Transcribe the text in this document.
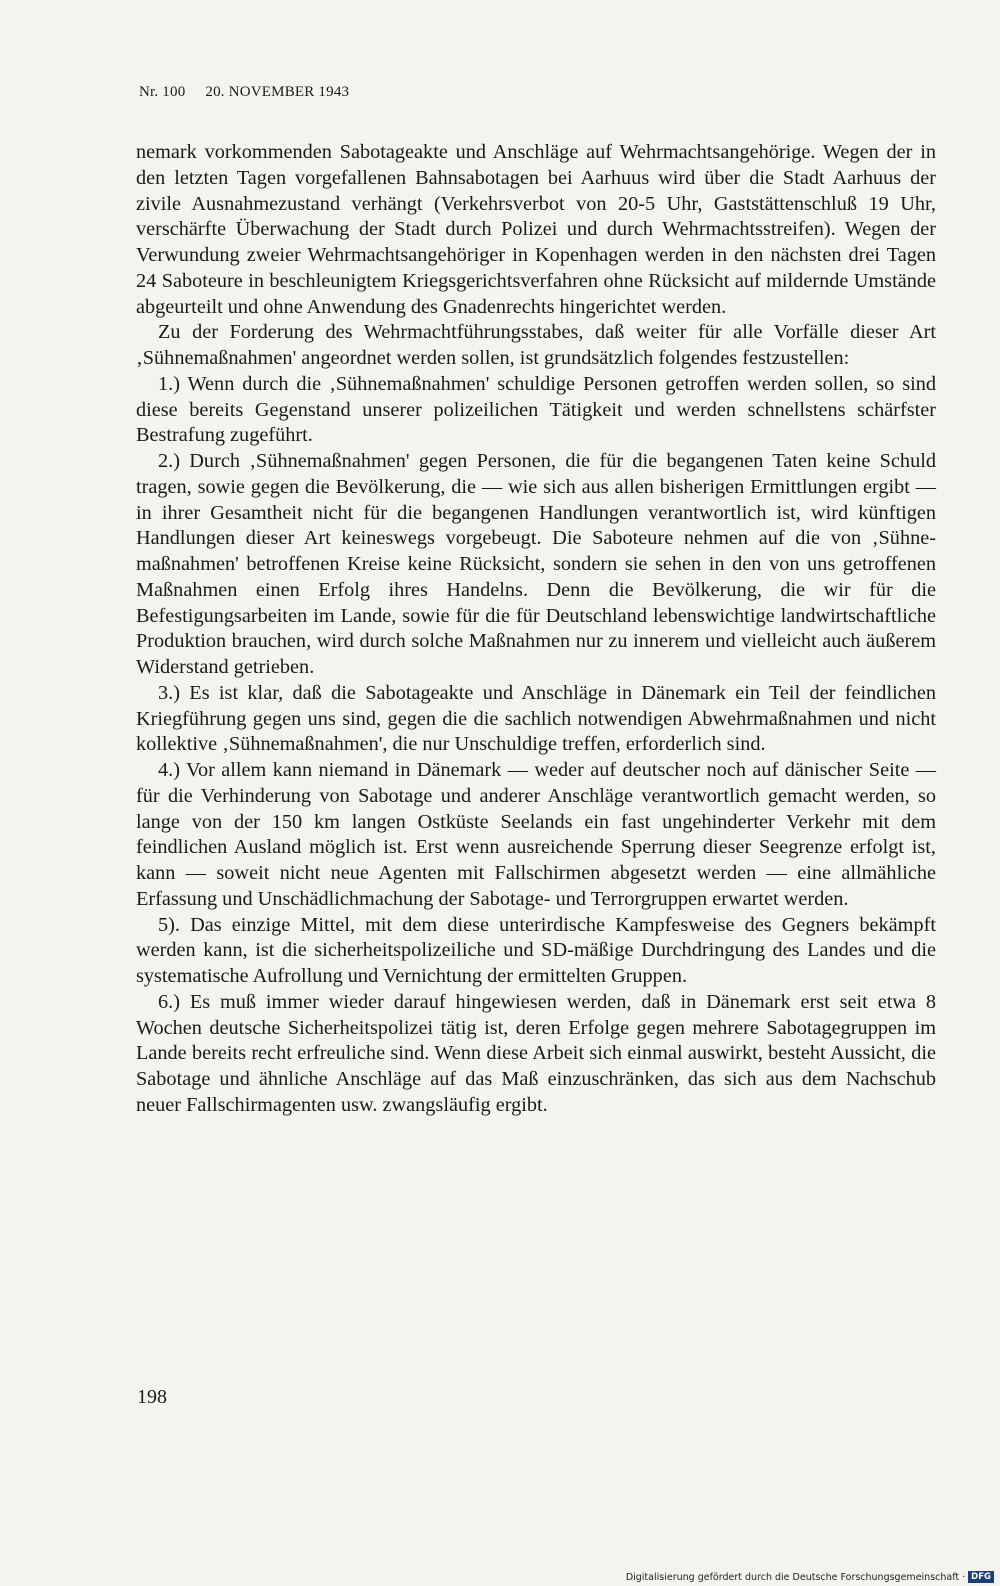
Nr. 100 20. NOVEMBER 1943

nemark vorkommenden Sabotageakte und Anschläge auf Wehrmachtsangehörige. Wegen der in den letzten Tagen vorgefallenen Bahnsabotagen bei Aarhuus wird über die Stadt Aarhuus der zivile Ausnahmezustand verhängt (Verkehrsverbot von 20-5 Uhr, Gaststättenschluß 19 Uhr, verschärfte Überwachung der Stadt durch Polizei und durch Wehrmachtsstreifen). Wegen der Verwundung zweier Wehrmachtsangehöriger in Kopenhagen werden in den nächsten drei Tagen 24 Saboteure in beschleunigtem Kriegsgerichtsverfahren ohne Rücksicht auf mildernde Umstände abgeurteilt und ohne Anwendung des Gnadenrechts hingerichtet werden.

Zu der Forderung des Wehrmachtführungsstabes, daß weiter für alle Vorfälle dieser Art ‚Sühnemaßnahmen' angeordnet werden sollen, ist grundsätzlich folgendes festzustellen:

1.) Wenn durch die ‚Sühnemaßnahmen' schuldige Personen getroffen werden sollen, so sind diese bereits Gegenstand unserer polizeilichen Tätigkeit und werden schnellstens schärfster Bestrafung zugeführt.

2.) Durch ‚Sühnemaßnahmen' gegen Personen, die für die begangenen Taten keine Schuld tragen, sowie gegen die Bevölkerung, die — wie sich aus allen bisherigen Ermittlungen ergibt — in ihrer Gesamtheit nicht für die begangenen Handlungen verantwortlich ist, wird künftigen Handlungen dieser Art keineswegs vorgebeugt. Die Saboteure nehmen auf die von ‚Sühnemaßnahmen' betroffenen Kreise keine Rücksicht, sondern sie sehen in den von uns getroffenen Maßnahmen einen Erfolg ihres Handelns. Denn die Bevölkerung, die wir für die Befestigungsarbeiten im Lande, sowie für die für Deutschland lebenswichtige landwirtschaftliche Produktion brauchen, wird durch solche Maßnahmen nur zu innerem und vielleicht auch äußerem Widerstand getrieben.

3.) Es ist klar, daß die Sabotageakte und Anschläge in Dänemark ein Teil der feindlichen Kriegführung gegen uns sind, gegen die die sachlich notwendigen Abwehrmaßnahmen und nicht kollektive ‚Sühnemaßnahmen', die nur Unschuldige treffen, erforderlich sind.

4.) Vor allem kann niemand in Dänemark — weder auf deutscher noch auf dänischer Seite — für die Verhinderung von Sabotage und anderer Anschläge verantwortlich gemacht werden, so lange von der 150 km langen Ostküste Seelands ein fast ungehinderter Verkehr mit dem feindlichen Ausland möglich ist. Erst wenn ausreichende Sperrung dieser Seegrenze erfolgt ist, kann — soweit nicht neue Agenten mit Fallschirmen abgesetzt werden — eine allmähliche Erfassung und Unschädlichmachung der Sabotage- und Terrorgruppen erwartet werden.

5). Das einzige Mittel, mit dem diese unterirdische Kampfesweise des Gegners bekämpft werden kann, ist die sicherheitspolizeiliche und SD-mäßige Durchdringung des Landes und die systematische Aufrollung und Vernichtung der ermittelten Gruppen.

6.) Es muß immer wieder darauf hingewiesen werden, daß in Dänemark erst seit etwa 8 Wochen deutsche Sicherheitspolizei tätig ist, deren Erfolge gegen mehrere Sabotagegruppen im Lande bereits recht erfreuliche sind. Wenn diese Arbeit sich einmal auswirkt, besteht Aussicht, die Sabotage und ähnliche Anschläge auf das Maß einzuschränken, das sich aus dem Nachschub neuer Fallschirmagenten usw. zwangsläufig ergibt.

198
Digitalisierung gefördert durch die Deutsche Forschungsgemeinschaft · DFG
